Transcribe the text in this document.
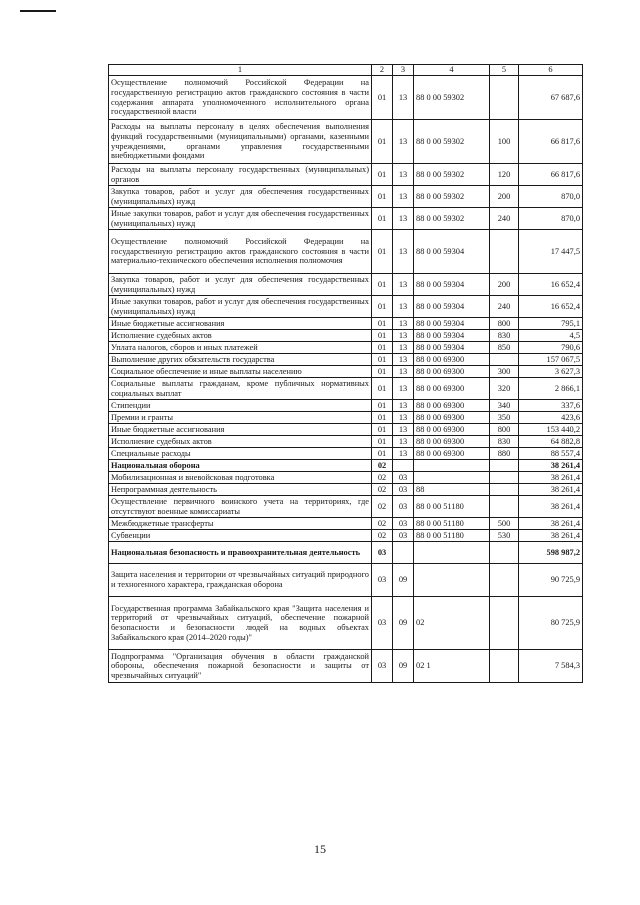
1	2	3	4	5	6
Осуществление полномочий Российской Федерации на государственную регистрацию актов гражданского состояния в части содержания аппарата уполномоченного исполнительного органа государственной власти	01	13	88 0 00 59302		67 687,6
Расходы на выплаты персоналу в целях обеспечения выполнения функций государственными (муниципальными) органами, казенными учреждениями, органами управления государственными внебюджетными фондами	01	13	88 0 00 59302	100	66 817,6
Расходы на выплаты персоналу государственных (муниципальных) органов	01	13	88 0 00 59302	120	66 817,6
Закупка товаров, работ и услуг для обеспечения государственных (муниципальных) нужд	01	13	88 0 00 59302	200	870,0
Иные закупки товаров, работ и услуг для обеспечения государственных (муниципальных) нужд	01	13	88 0 00 59302	240	870,0
Осуществление полномочий Российской Федерации на государственную регистрацию актов гражданского состояния в части материально-технического обеспечения исполнения полномочия	01	13	88 0 00 59304		17 447,5
Закупка товаров, работ и услуг для обеспечения государственных (муниципальных) нужд	01	13	88 0 00 59304	200	16 652,4
Иные закупки товаров, работ и услуг для обеспечения государственных (муниципальных) нужд	01	13	88 0 00 59304	240	16 652,4
Иные бюджетные ассигнования	01	13	88 0 00 59304	800	795,1
Исполнение судебных актов	01	13	88 0 00 59304	830	4,5
Уплата налогов, сборов и иных платежей	01	13	88 0 00 59304	850	790,6
Выполнение других обязательств государства	01	13	88 0 00 69300		157 067,5
Социальное обеспечение и иные выплаты населению	01	13	88 0 00 69300	300	3 627,3
Социальные выплаты гражданам, кроме публичных нормативных социальных выплат	01	13	88 0 00 69300	320	2 866,1
Стипендии	01	13	88 0 00 69300	340	337,6
Премии и гранты	01	13	88 0 00 69300	350	423,6
Иные бюджетные ассигнования	01	13	88 0 00 69300	800	153 440,2
Исполнение судебных актов	01	13	88 0 00 69300	830	64 882,8
Специальные расходы	01	13	88 0 00 69300	880	88 557,4
Национальная оборона	02				38 261,4
Мобилизационная и вневойсковая подготовка	02	03			38 261,4
Непрограммная деятельность	02	03	88		38 261,4
Осуществление первичного воинского учета на территориях, где отсутствуют военные комиссариаты	02	03	88 0 00 51180		38 261,4
Межбюджетные трансферты	02	03	88 0 00 51180	500	38 261,4
Субвенции	02	03	88 0 00 51180	530	38 261,4
Национальная безопасность и правоохранительная деятельность	03				598 987,2
Защита населения и территории от чрезвычайных ситуаций природного и техногенного характера, гражданская оборона	03	09			90 725,9
Государственная программа Забайкальского края "Защита населения и территорий от чрезвычайных ситуаций, обеспечение пожарной безопасности и безопасности людей на водных объектах Забайкальского края (2014–2020 годы)"	03	09	02		80 725,9
Подпрограмма "Организация обучения в области гражданской обороны, обеспечения пожарной безопасности и защиты от чрезвычайных ситуаций"	03	09	02 1		7 584,3
15
